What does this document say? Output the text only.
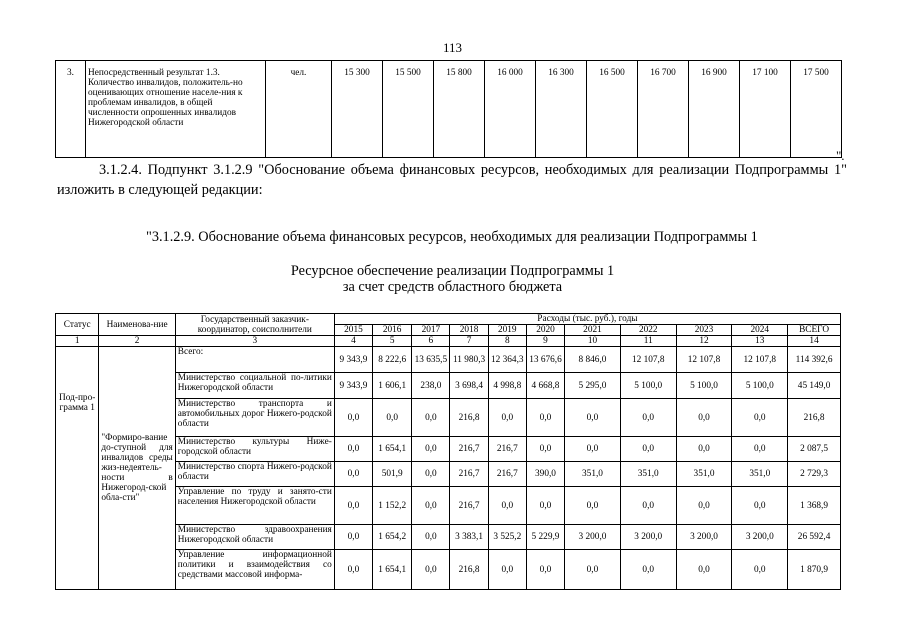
113
3.	Непосредственный результат 1.3. Количество инвалидов, положитель-но оценивающих отношение населе-ния к проблемам инвалидов, в общей численности опрошенных инвалидов Нижегородской области	чел.	15 300	15 500	15 800	16 000	16 300	16 500	16 700	16 900	17 100	17 500
".
3.1.2.4. Подпункт 3.1.2.9 "Обоснование объема финансовых ресурсов, необходимых для реализации Подпрограммы 1" изложить в следующей редакции:
"3.1.2.9. Обоснование объема финансовых ресурсов, необходимых для реализации Подпрограммы 1
Ресурсное обеспечение реализации Подпрограммы 1
за счет средств областного бюджета
Статус	Наименова-ние	Государственный заказчик-координатор, соисполнители	Расходы (тыс. руб.), годы										
			2015	2016	2017	2018	2019	2020	2021	2022	2023	2024	ВСЕГО
1	2	3	4	5	6	7	8	9	10	11	12	13	14
Под-про-грамма 1	"Формиро-вание до-ступной для инвалидов среды жиз-недеятель-ности в Нижегород-ской обла-сти"	Всего:	9 343,9	8 222,6	13 635,5	11 980,3	12 364,3	13 676,6	8 846,0	12 107,8	12 107,8	12 107,8	114 392,6
		Министерство социальной по-литики Нижегородской области	9 343,9	1 606,1	238,0	3 698,4	4 998,8	4 668,8	5 295,0	5 100,0	5 100,0	5 100,0	45 149,0
		Министерство транспорта и автомобильных дорог Нижего-родской области	0,0	0,0	0,0	216,8	0,0	0,0	0,0	0,0	0,0	0,0	216,8
		Министерство культуры Ниже-городской области	0,0	1 654,1	0,0	216,7	216,7	0,0	0,0	0,0	0,0	0,0	2 087,5
		Министерство спорта Нижего-родской области	0,0	501,9	0,0	216,7	216,7	390,0	351,0	351,0	351,0	351,0	2 729,3
		Управление по труду и занято-сти населения Нижегородской области	0,0	1 152,2	0,0	216,7	0,0	0,0	0,0	0,0	0,0	0,0	1 368,9
		Министерство здравоохранения Нижегородской области	0,0	1 654,2	0,0	3 383,1	3 525,2	5 229,9	3 200,0	3 200,0	3 200,0	3 200,0	26 592,4
		Управление информационной политики и взаимодействия со средствами массовой информа-	0,0	1 654,1	0,0	216,8	0,0	0,0	0,0	0,0	0,0	0,0	1 870,9
